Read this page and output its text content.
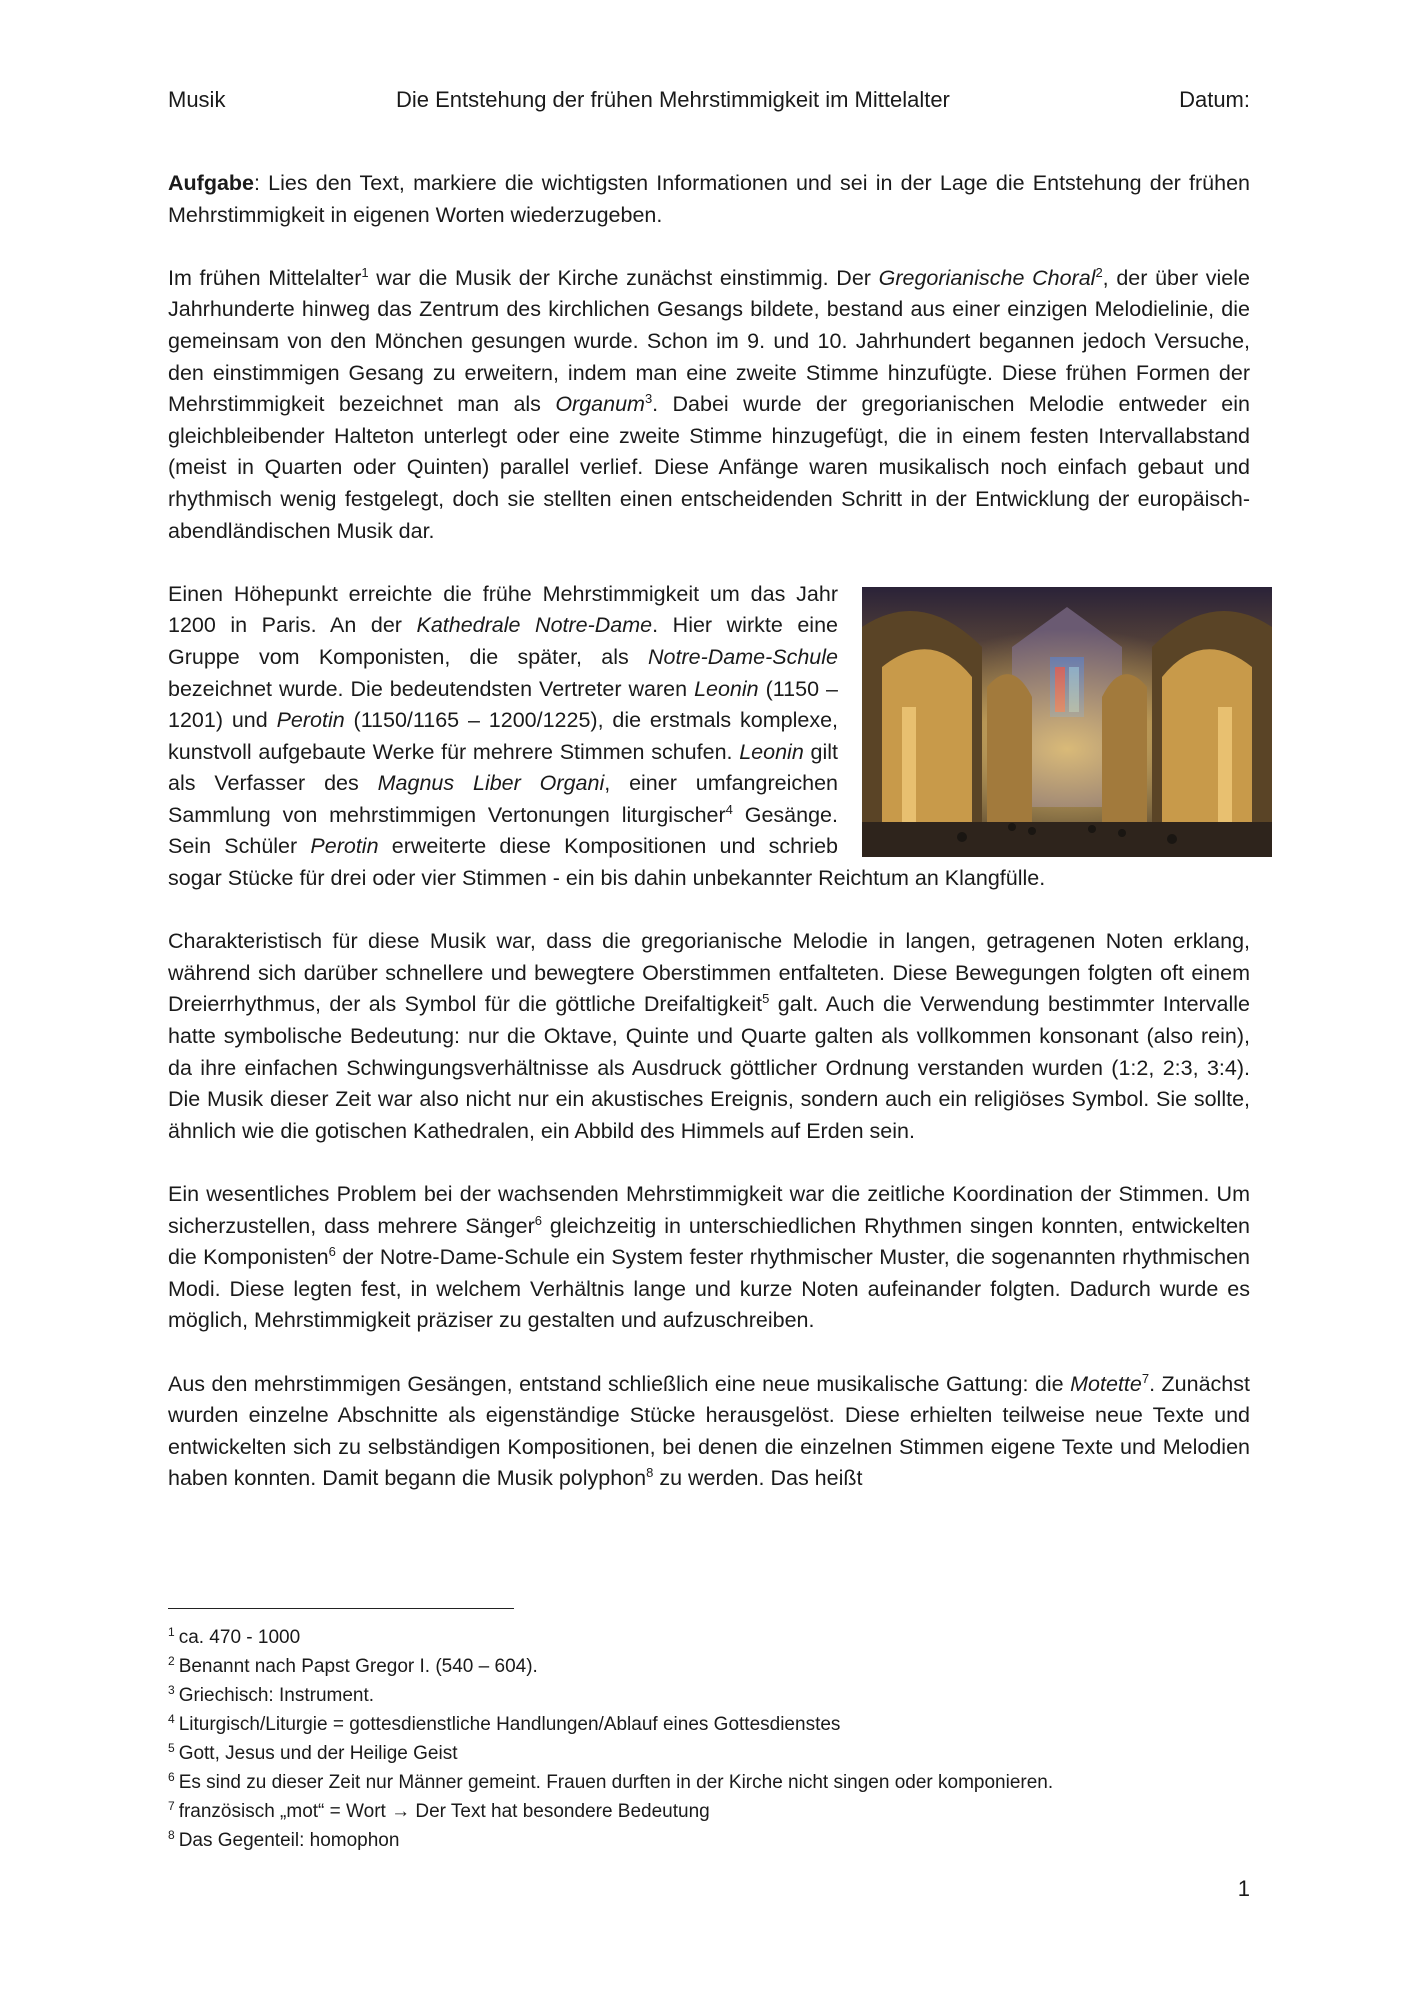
Musik	Die Entstehung der frühen Mehrstimmigkeit im Mittelalter	Datum:

Aufgabe: Lies den Text, markiere die wichtigsten Informationen und sei in der Lage die Entstehung der frühen Mehrstimmigkeit in eigenen Worten wiederzugeben.

Im frühen Mittelalter$^1$ war die Musik der Kirche zunächst einstimmig. Der Gregorianische Choral$^2$, der über viele Jahrhunderte hinweg das Zentrum des kirchlichen Gesangs bildete, bestand aus einer einzigen Melodielinie, die gemeinsam von den Mönchen gesungen wurde. Schon im 9. und 10. Jahrhundert begannen jedoch Versuche, den einstimmigen Gesang zu erweitern, indem man eine zweite Stimme hinzufügte. Diese frühen Formen der Mehrstimmigkeit bezeichnet man als Organum$^3$. Dabei wurde der gregorianischen Melodie entweder ein gleichbleibender Halteton unterlegt oder eine zweite Stimme hinzugefügt, die in einem festen Intervallabstand (meist in Quarten oder Quinten) parallel verlief. Diese Anfänge waren musikalisch noch einfach gebaut und rhythmisch wenig festgelegt, doch sie stellten einen entscheidenden Schritt in der Entwicklung der europäisch-abendländischen Musik dar.

Einen Höhepunkt erreichte die frühe Mehrstimmigkeit um das Jahr 1200 in Paris. An der Kathedrale Notre-Dame. Hier wirkte eine Gruppe vom Komponisten, die später, als Notre-Dame-Schule bezeichnet wurde. Die bedeutendsten Vertreter waren Leonin (1150 – 1201) und Perotin (1150/1165 – 1200/1225), die erstmals komplexe, kunstvoll aufgebaute Werke für mehrere Stimmen schufen. Leonin gilt als Verfasser des Magnus Liber Organi, einer umfangreichen Sammlung von mehrstimmigen Vertonungen liturgischer$^4$ Gesänge. Sein Schüler Perotin erweiterte diese Kompositionen und schrieb sogar Stücke für drei oder vier Stimmen - ein bis dahin unbekannter Reichtum an Klangfülle.

Charakteristisch für diese Musik war, dass die gregorianische Melodie in langen, getragenen Noten erklang, während sich darüber schnellere und bewegtere Oberstimmen entfalteten. Diese Bewegungen folgten oft einem Dreierrhythmus, der als Symbol für die göttliche Dreifaltigkeit$^5$ galt. Auch die Verwendung bestimmter Intervalle hatte symbolische Bedeutung: nur die Oktave, Quinte und Quarte galten als vollkommen konsonant (also rein), da ihre einfachen Schwingungsverhältnisse als Ausdruck göttlicher Ordnung verstanden wurden (1:2, 2:3, 3:4). Die Musik dieser Zeit war also nicht nur ein akustisches Ereignis, sondern auch ein religiöses Symbol. Sie sollte, ähnlich wie die gotischen Kathedralen, ein Abbild des Himmels auf Erden sein.

Ein wesentliches Problem bei der wachsenden Mehrstimmigkeit war die zeitliche Koordination der Stimmen. Um sicherzustellen, dass mehrere Sänger$^6$ gleichzeitig in unterschiedlichen Rhythmen singen konnten, entwickelten die Komponisten$^6$ der Notre-Dame-Schule ein System fester rhythmischer Muster, die sogenannten rhythmischen Modi. Diese legten fest, in welchem Verhältnis lange und kurze Noten aufeinander folgten. Dadurch wurde es möglich, Mehrstimmigkeit präziser zu gestalten und aufzuschreiben.

Aus den mehrstimmigen Gesängen, entstand schließlich eine neue musikalische Gattung: die Motette$^7$. Zunächst wurden einzelne Abschnitte als eigenständige Stücke herausgelöst. Diese erhielten teilweise neue Texte und entwickelten sich zu selbständigen Kompositionen, bei denen die einzelnen Stimmen eigene Texte und Melodien haben konnten. Damit begann die Musik polyphon$^8$ zu werden. Das heißt

$^1$ ca. 470 - 1000
$^2$ Benannt nach Papst Gregor I. (540 – 604).
$^3$ Griechisch: Instrument.
$^4$ Liturgisch/Liturgie = gottesdienstliche Handlungen/Ablauf eines Gottesdienstes
$^5$ Gott, Jesus und der Heilige Geist
$^6$ Es sind zu dieser Zeit nur Männer gemeint. Frauen durften in der Kirche nicht singen oder komponieren.
$^7$ französisch „mot“ = Wort → Der Text hat besondere Bedeutung
$^8$ Das Gegenteil: homophon
1
